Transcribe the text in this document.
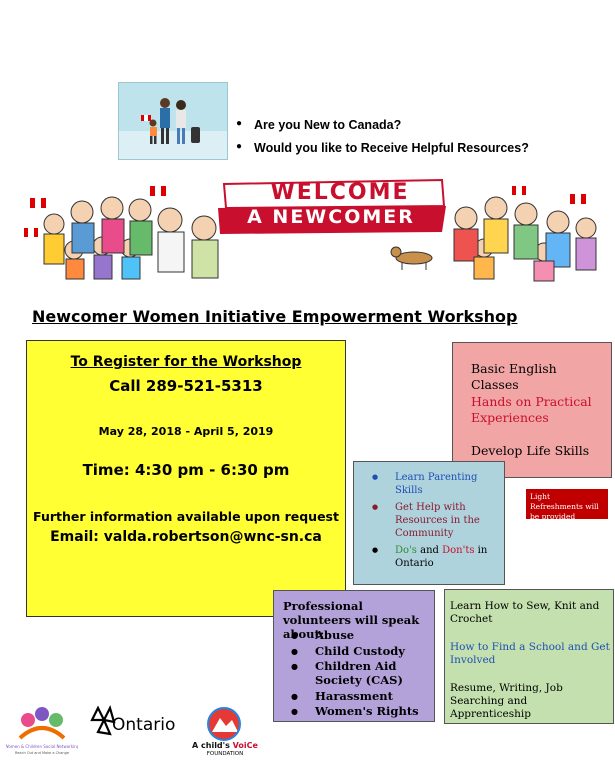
● Are you New to Canada?
● Would you like to Receive Helpful Resources?
WELCOME
A NEWCOMER
Newcomer Women Initiative Empowerment Workshop
To Register for the Workshop
Call 289-521-5313
May 28, 2018 - April 5, 2019
Time: 4:30 pm - 6:30 pm
Further information available upon request
Email: valda.robertson@wnc-sn.ca
Basic English Classes
Hands on Practical Experiences
Develop Life Skills
Light Refreshments will be provided
● Learn Parenting Skills
● Get Help with Resources in the Community
● Do's and Don'ts in Ontario
Professional volunteers will speak about:
● Abuse
● Child Custody
● Children Aid Society (CAS)
● Harassment
● Women's Rights
Learn How to Sew, Knit and Crochet
How to Find a School and Get Involved
Resume, Writing, Job Searching and Apprenticeship
Women & Children Social Networking
Reach Out and Make a Change
Ontario
A child's VoiCe
FOUNDATION
